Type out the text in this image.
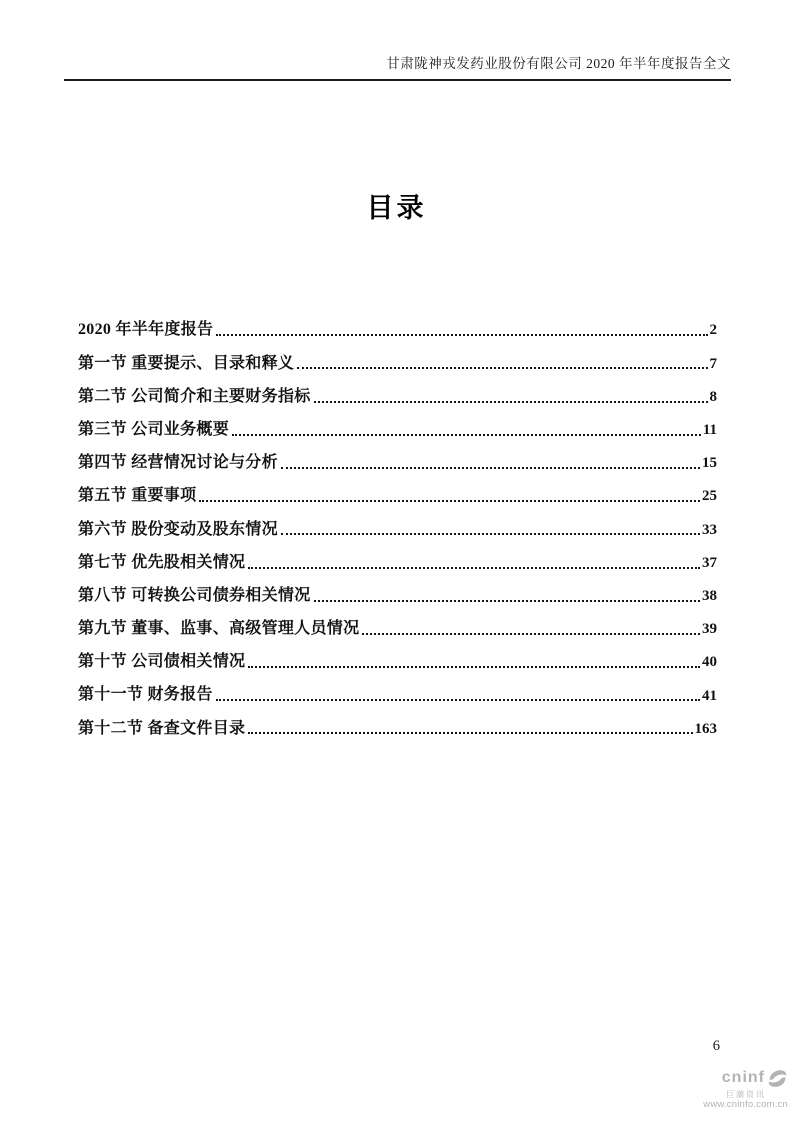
甘肃陇神戎发药业股份有限公司 2020 年半年度报告全文
目录
2020 年半年度报告	2
第一节 重要提示、目录和释义	7
第二节 公司简介和主要财务指标	8
第三节 公司业务概要	11
第四节 经营情况讨论与分析	15
第五节 重要事项	25
第六节 股份变动及股东情况	33
第七节 优先股相关情况	37
第八节 可转换公司债券相关情况	38
第九节 董事、监事、高级管理人员情况	39
第十节 公司债相关情况	40
第十一节 财务报告	41
第十二节 备查文件目录	163
6
cninf
巨潮资讯
www.cninfo.com.cn
